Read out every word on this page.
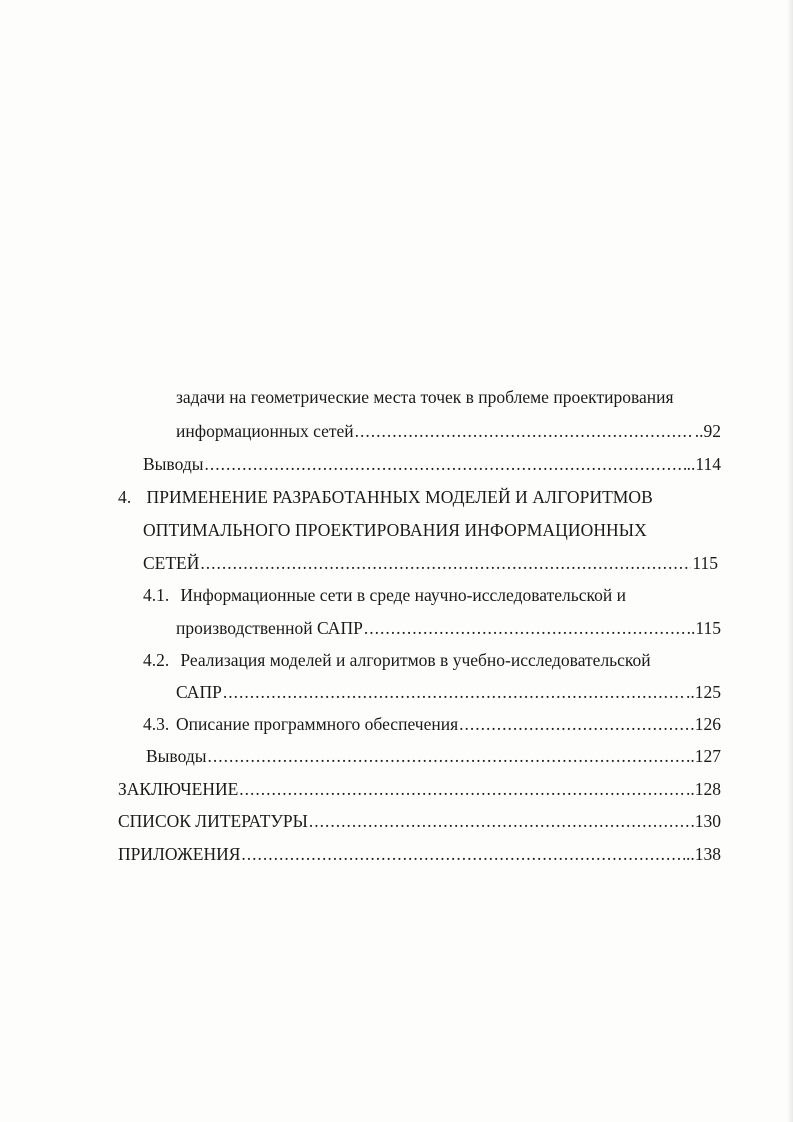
задачи на геометрические места точек в проблеме проектирования
информационных сетей .....	..92
Выводы .....	..114
4. ПРИМЕНЕНИЕ РАЗРАБОТАННЫХ МОДЕЛЕЙ И АЛГОРИТМОВ
ОПТИМАЛЬНОГО ПРОЕКТИРОВАНИЯ ИНФОРМАЦИОННЫХ
СЕТЕЙ .....	115
4.1. Информационные сети в среде научно-исследовательской и
производственной САПР .....	..115
4.2. Реализация моделей и алгоритмов в учебно-исследовательской
САПР .....	..125
4.3. Описание программного обеспечения .....	126
Выводы .....	..127
ЗАКЛЮЧЕНИЕ .....	..128
СПИСОК ЛИТЕРАТУРЫ .....	130
ПРИЛОЖЕНИЯ .....	..138
